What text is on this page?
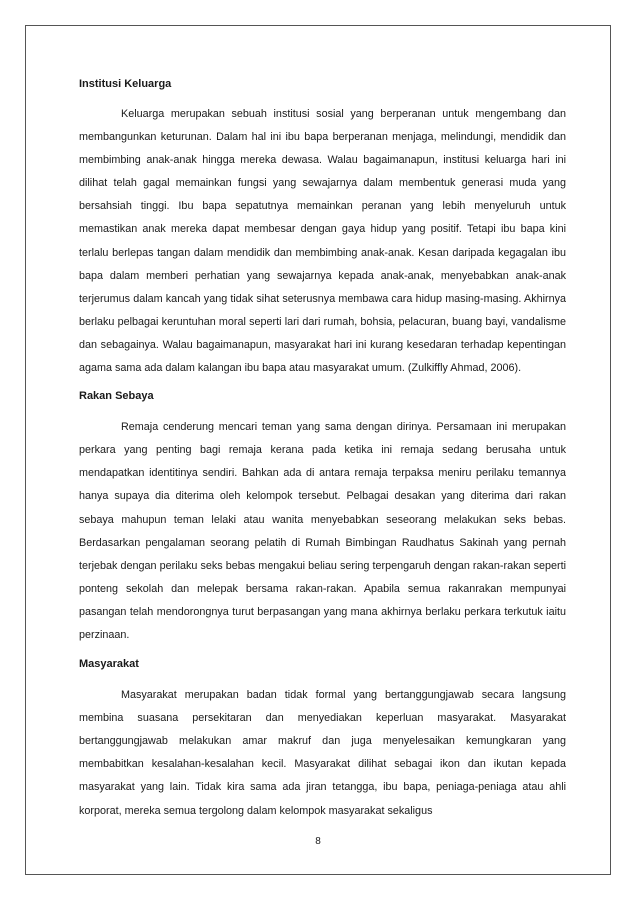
Institusi Keluarga

Keluarga merupakan sebuah institusi sosial yang berperanan untuk mengembang dan membangunkan keturunan. Dalam hal ini ibu bapa berperanan menjaga, melindungi, mendidik dan membimbing anak-anak hingga mereka dewasa. Walau bagaimanapun, institusi keluarga hari ini dilihat telah gagal memainkan fungsi yang sewajarnya dalam membentuk generasi muda yang bersahsiah tinggi. Ibu bapa sepatutnya memainkan peranan yang lebih menyeluruh untuk memastikan anak mereka dapat membesar dengan gaya hidup yang positif. Tetapi ibu bapa kini terlalu berlepas tangan dalam mendidik dan membimbing anak-anak. Kesan daripada kegagalan ibu bapa dalam memberi perhatian yang sewajarnya kepada anak-anak, menyebabkan anak-anak terjerumus dalam kancah yang tidak sihat seterusnya membawa cara hidup masing-masing. Akhirnya berlaku pelbagai keruntuhan moral seperti lari dari rumah, bohsia, pelacuran, buang bayi, vandalisme dan sebagainya. Walau bagaimanapun, masyarakat hari ini kurang kesedaran terhadap kepentingan agama sama ada dalam kalangan ibu bapa atau masyarakat umum. (Zulkiffly Ahmad, 2006).

Rakan Sebaya

Remaja cenderung mencari teman yang sama dengan dirinya. Persamaan ini merupakan perkara yang penting bagi remaja kerana pada ketika ini remaja sedang berusaha untuk mendapatkan identitinya sendiri. Bahkan ada di antara remaja terpaksa meniru perilaku temannya hanya supaya dia diterima oleh kelompok tersebut. Pelbagai desakan yang diterima dari rakan sebaya mahupun teman lelaki atau wanita menyebabkan seseorang melakukan seks bebas. Berdasarkan pengalaman seorang pelatih di Rumah Bimbingan Raudhatus Sakinah yang pernah terjebak dengan perilaku seks bebas mengakui beliau sering terpengaruh dengan rakan-rakan seperti ponteng sekolah dan melepak bersama rakan-rakan. Apabila semua rakanrakan mempunyai pasangan telah mendorongnya turut berpasangan yang mana akhirnya berlaku perkara terkutuk iaitu perzinaan.

Masyarakat

Masyarakat merupakan badan tidak formal yang bertanggungjawab secara langsung membina suasana persekitaran dan menyediakan keperluan masyarakat. Masyarakat bertanggungjawab melakukan amar makruf dan juga menyelesaikan kemungkaran yang membabitkan kesalahan-kesalahan kecil. Masyarakat dilihat sebagai ikon dan ikutan kepada masyarakat yang lain. Tidak kira sama ada jiran tetangga, ibu bapa, peniaga-peniaga atau ahli korporat, mereka semua tergolong dalam kelompok masyarakat sekaligus

8
